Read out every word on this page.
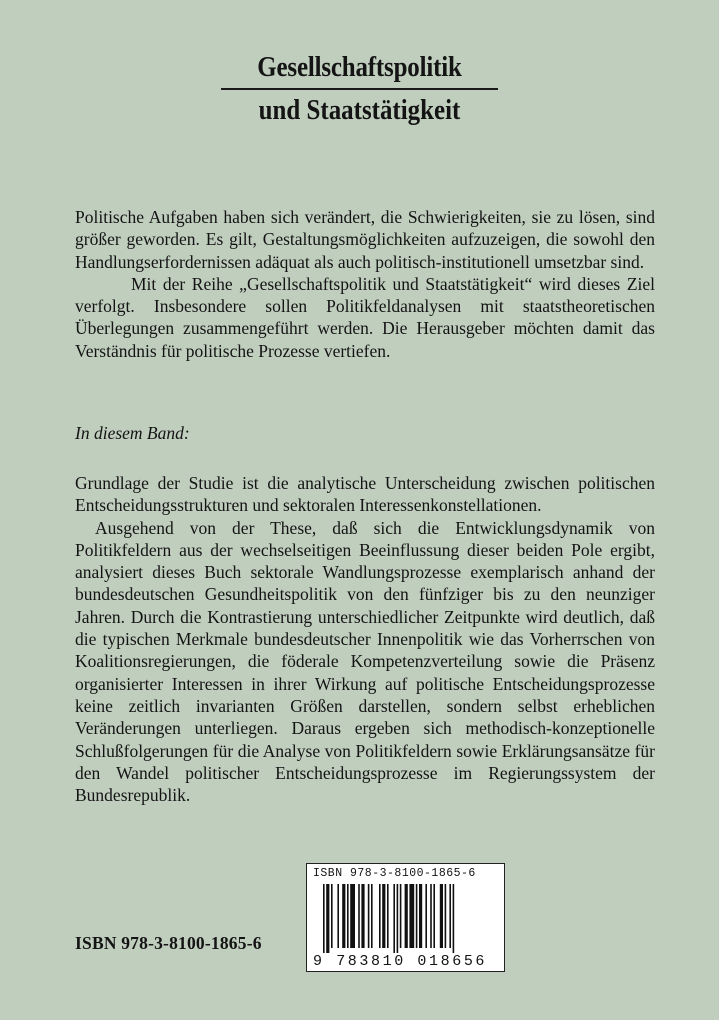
Gesellschaftspolitik
und Staatstätigkeit

Politische Aufgaben haben sich verändert, die Schwierigkeiten, sie zu lösen, sind größer geworden. Es gilt, Gestaltungsmöglichkeiten aufzuzeigen, die sowohl den Handlungserfordernissen adäquat als auch politisch-institutionell umsetzbar sind.

Mit der Reihe „Gesellschaftspolitik und Staatstätigkeit“ wird dieses Ziel verfolgt. Insbesondere sollen Politikfeldanalysen mit staatstheoretischen Überlegungen zusammengeführt werden. Die Herausgeber möchten damit das Verständnis für politische Prozesse vertiefen.

In diesem Band:

Grundlage der Studie ist die analytische Unterscheidung zwischen politischen Entscheidungsstrukturen und sektoralen Interessenkonstellationen.

Ausgehend von der These, daß sich die Entwicklungsdynamik von Politikfeldern aus der wechselseitigen Beeinflussung dieser beiden Pole ergibt, analysiert dieses Buch sektorale Wandlungsprozesse exemplarisch anhand der bundesdeutschen Gesundheitspolitik von den fünfziger bis zu den neunziger Jahren. Durch die Kontrastierung unterschiedlicher Zeitpunkte wird deutlich, daß die typischen Merkmale bundesdeutscher Innenpolitik wie das Vorherrschen von Koalitionsregierungen, die föderale Kompetenzverteilung sowie die Präsenz organisierter Interessen in ihrer Wirkung auf politische Entscheidungsprozesse keine zeitlich invarianten Größen darstellen, sondern selbst erheblichen Veränderungen unterliegen. Daraus ergeben sich methodisch-konzeptionelle Schlußfolgerungen für die Analyse von Politikfeldern sowie Erklärungsansätze für den Wandel politischer Entscheidungsprozesse im Regierungssystem der Bundesrepublik.

ISBN 978-3-8100-1865-6
ISBN 978-3-8100-1865-6
9 783810 018656
